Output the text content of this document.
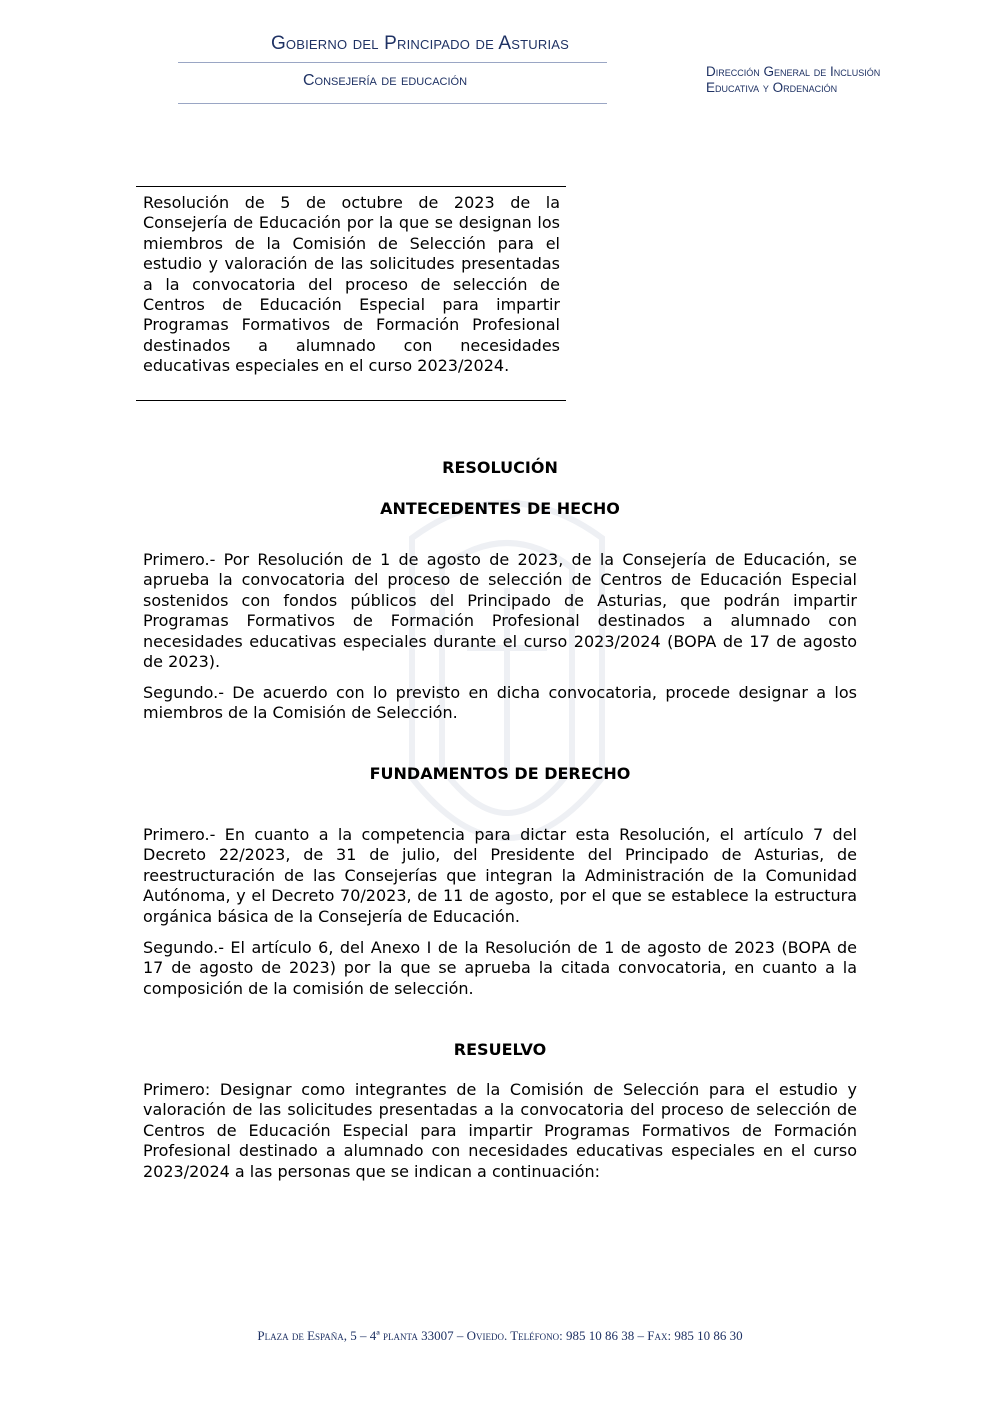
Gobierno del Principado de Asturias
Consejería de educación
Dirección General de Inclusión
Educativa y Ordenación

Resolución de 5 de octubre de 2023 de la Consejería de Educación por la que se designan los miembros de la Comisión de Selección para el estudio y valoración de las solicitudes presentadas a la convocatoria del proceso de selección de Centros de Educación Especial para impartir Programas Formativos de Formación Profesional destinados a alumnado con necesidades educativas especiales en el curso 2023/2024.

RESOLUCIÓN
ANTECEDENTES DE HECHO

Primero.- Por Resolución de 1 de agosto de 2023, de la Consejería de Educación, se aprueba la convocatoria del proceso de selección de Centros de Educación Especial sostenidos con fondos públicos del Principado de Asturias, que podrán impartir Programas Formativos de Formación Profesional destinados a alumnado con necesidades educativas especiales durante el curso 2023/2024 (BOPA de 17 de agosto de 2023).

Segundo.- De acuerdo con lo previsto en dicha convocatoria, procede designar a los miembros de la Comisión de Selección.

FUNDAMENTOS DE DERECHO

Primero.- En cuanto a la competencia para dictar esta Resolución, el artículo 7 del Decreto 22/2023, de 31 de julio, del Presidente del Principado de Asturias, de reestructuración de las Consejerías que integran la Administración de la Comunidad Autónoma, y el Decreto 70/2023, de 11 de agosto, por el que se establece la estructura orgánica básica de la Consejería de Educación.

Segundo.- El artículo 6, del Anexo I de la Resolución de 1 de agosto de 2023 (BOPA de 17 de agosto de 2023) por la que se aprueba la citada convocatoria, en cuanto a la composición de la comisión de selección.

RESUELVO

Primero: Designar como integrantes de la Comisión de Selección para el estudio y valoración de las solicitudes presentadas a la convocatoria del proceso de selección de Centros de Educación Especial para impartir Programas Formativos de Formación Profesional destinado a alumnado con necesidades educativas especiales en el curso 2023/2024 a las personas que se indican a continuación:

Plaza de España, 5 – 4ª planta 33007 – Oviedo. Teléfono: 985 10 86 38 – Fax: 985 10 86 30
